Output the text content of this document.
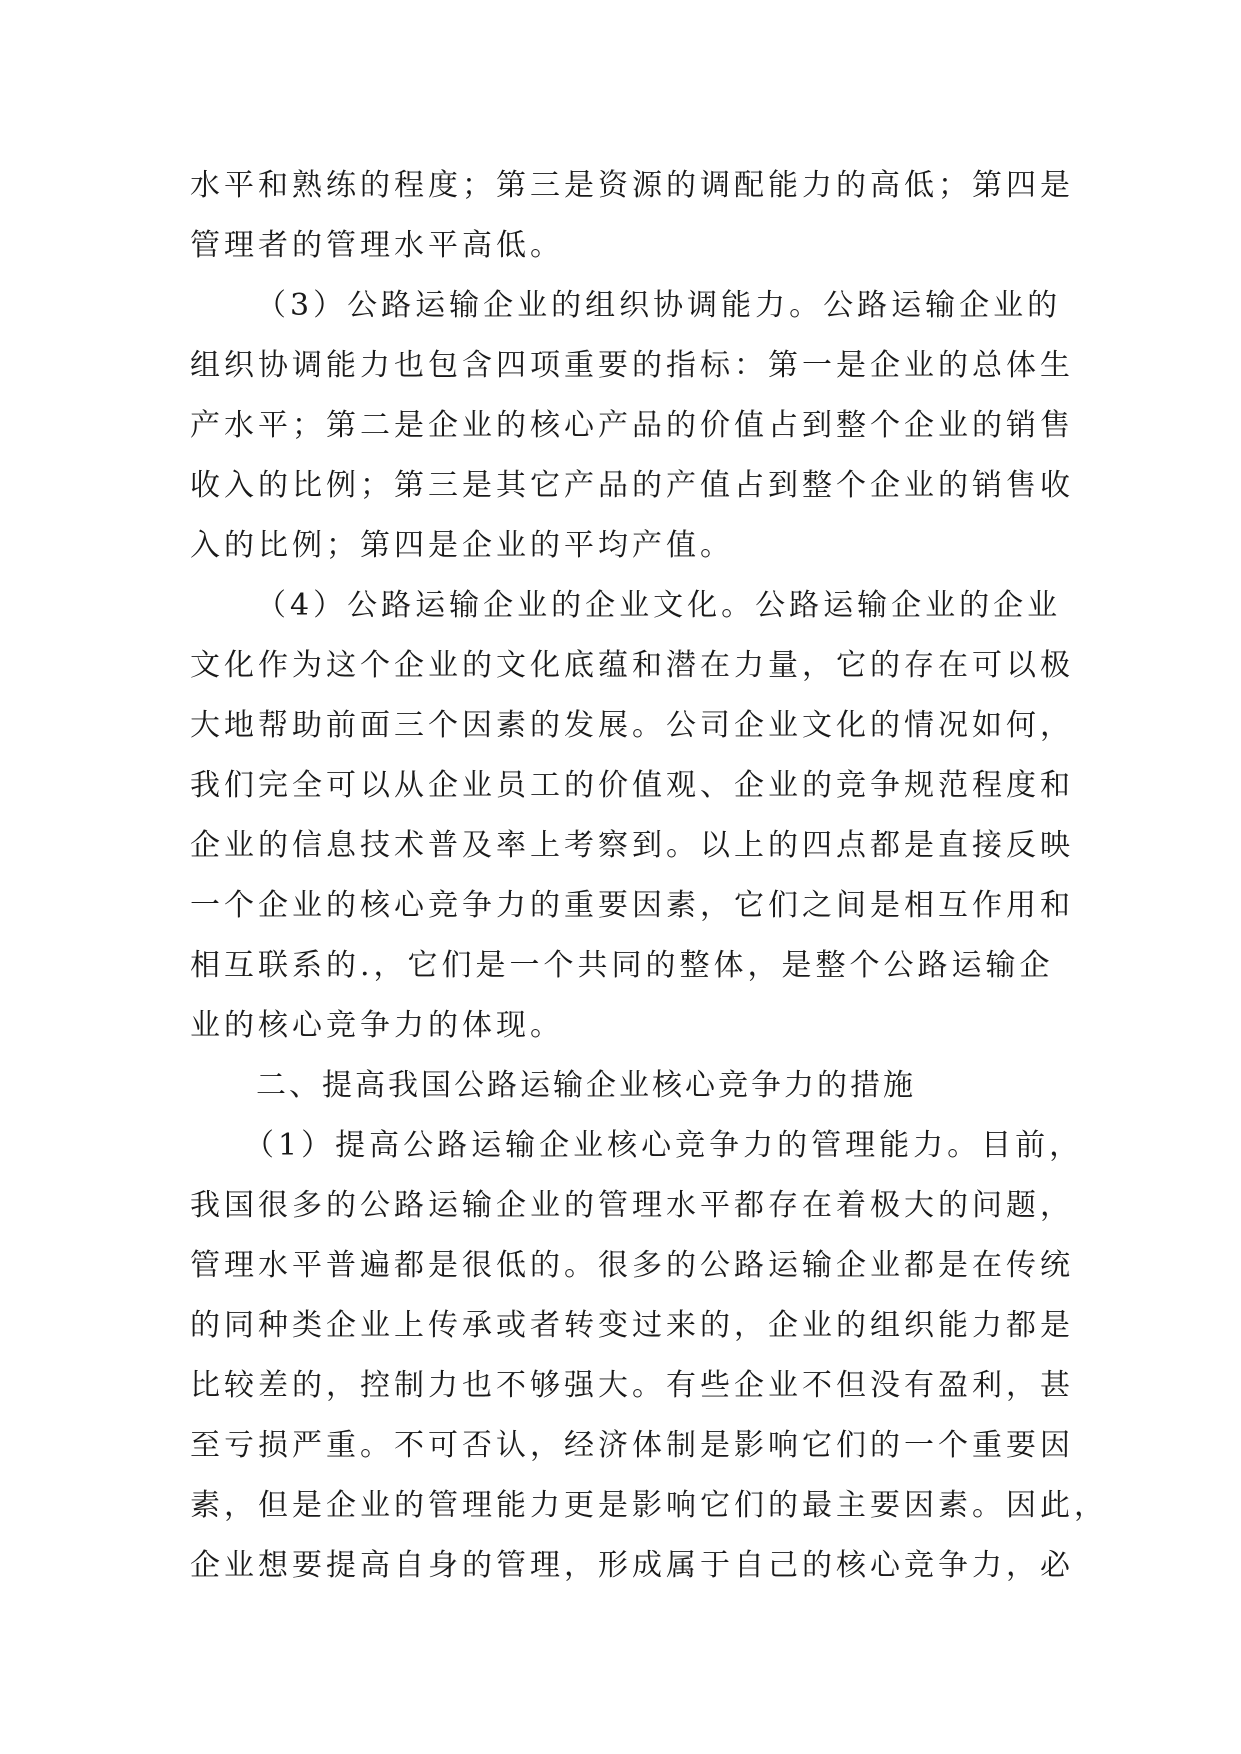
水平和熟练的程度；第三是资源的调配能力的高低；第四是
管理者的管理水平高低。
（3）公路运输企业的组织协调能力。公路运输企业的
组织协调能力也包含四项重要的指标：第一是企业的总体生
产水平；第二是企业的核心产品的价值占到整个企业的销售
收入的比例；第三是其它产品的产值占到整个企业的销售收
入的比例；第四是企业的平均产值。
（4）公路运输企业的企业文化。公路运输企业的企业
文化作为这个企业的文化底蕴和潜在力量，它的存在可以极
大地帮助前面三个因素的发展。公司企业文化的情况如何，
我们完全可以从企业员工的价值观、企业的竞争规范程度和
企业的信息技术普及率上考察到。以上的四点都是直接反映
一个企业的核心竞争力的重要因素，它们之间是相互作用和
相互联系的.，它们是一个共同的整体，是整个公路运输企
业的核心竞争力的体现。
二、提高我国公路运输企业核心竞争力的措施
（1）提高公路运输企业核心竞争力的管理能力。目前，
我国很多的公路运输企业的管理水平都存在着极大的问题，
管理水平普遍都是很低的。很多的公路运输企业都是在传统
的同种类企业上传承或者转变过来的，企业的组织能力都是
比较差的，控制力也不够强大。有些企业不但没有盈利，甚
至亏损严重。不可否认，经济体制是影响它们的一个重要因
素，但是企业的管理能力更是影响它们的最主要因素。因此，
企业想要提高自身的管理，形成属于自己的核心竞争力，必
